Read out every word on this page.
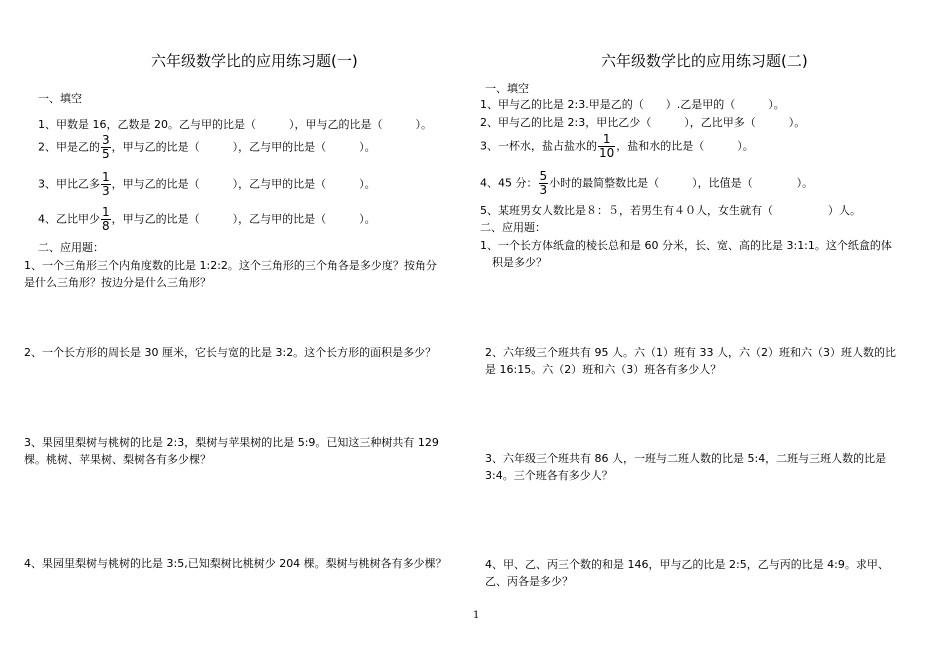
六年级数学比的应用练习题(一)
一、填空
1、甲数是 16，乙数是 20。乙与甲的比是（　　　），甲与乙的比是（　　　）。
2、甲是乙的 $\frac{3}{5}$ ，甲与乙的比是（　　　），乙与甲的比是（　　　）。
3、甲比乙多 $\frac{1}{3}$ ，甲与乙的比是（　　　），乙与甲的比是（　　　）。
4、乙比甲少 $\frac{1}{8}$ ，甲与乙的比是（　　　），乙与甲的比是（　　　）。
二、应用题：
1、一个三角形三个内角度数的比是 1:2:2。这个三角形的三个角各是多少度？按角分
是什么三角形？按边分是什么三角形？
2、一个长方形的周长是 30 厘米，它长与宽的比是 3:2。这个长方形的面积是多少？
3、果园里梨树与桃树的比是 2:3，梨树与苹果树的比是 5:9。已知这三种树共有 129
棵。桃树、苹果树、梨树各有多少棵？
4、果园里梨树与桃树的比是 3:5,已知梨树比桃树少 204 棵。梨树与桃树各有多少棵？
六年级数学比的应用练习题(二)
一、填空
1、甲与乙的比是 2:3.甲是乙的（　　）.乙是甲的（　　　）。
2、甲与乙的比是 2:3，甲比乙少（　　　），乙比甲多（　　　）。
3、一杯水，盐占盐水的 $\frac{1}{10}$ ，盐和水的比是（　　　）。
4、45 分： $\frac{5}{3}$ 小时的最简整数比是（　　　），比值是（　　　　）。
5、某班男女人数比是８：５，若男生有４０人，女生就有（　　　　　）人。
二、应用题：
1、一个长方体纸盒的棱长总和是 60 分米，长、宽、高的比是 3:1:1。这个纸盒的体
积是多少？
2、六年级三个班共有 95 人。六（1）班有 33 人，六（2）班和六（3）班人数的比
是 16:15。六（2）班和六（3）班各有多少人？
3、六年级三个班共有 86 人，一班与二班人数的比是 5:4，二班与三班人数的比是
3:4。三个班各有多少人？
4、甲、乙、丙三个数的和是 146，甲与乙的比是 2:5，乙与丙的比是 4:9。求甲、
乙、丙各是多少？
1
